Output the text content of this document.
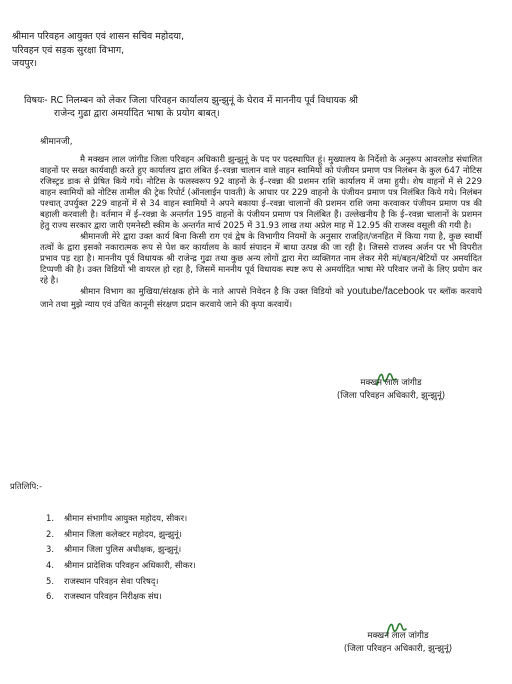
श्रीमान परिवहन आयुक्त एवं शासन सचिव महोदया,
परिवहन एवं सड़क सुरक्षा विभाग,
जयपुर।
विषयः- RC निलम्बन को लेकर जिला परिवहन कार्यालय झुन्झुनूं के घेराव में माननीय पूर्व विधायक श्री
राजेन्द गुढा द्वारा अमर्यादित भाषा के प्रयोग बाबत्।
श्रीमानजी,

मै मक्खन लाल जांगीड जिला परिवहन अधिकारी झुन्झुनूं के पद पर पदस्थापित हूं। मुख्यालय के निर्देशो के अनुरूप आवरलोड संधालित वाहनों पर सख्त कार्यवाही करते हुए कार्यालय द्वारा लंबित ई–रवन्ना चालान वाले वाहन स्वामियों को पंजीयन प्रमाण पत्र निलंबन के कुल 647 नोटिस रजिस्ट्रड डाक से प्रेषित किये गये। नोटिस के फलस्वरूप 92 वाहनों के ई–रवन्ना की प्रशमन राशि कार्यालय में जमा हुयी। शेष वाहनों में से 229 वाहन स्वामियों को नोटिस तामील की ट्रेक रिपोर्ट (ऑनलाईन पावती) के आधार पर 229 वाहनो के पंजीयन प्रमाण पत्र निलंबित किये गये। निलंबन पश्चात् उपर्युक्त 229 वाहनों में से 34 वाहन स्वामियों ने अपने बकाया ई–रवन्ना चालानों की प्रशमन राशि जमा करवाकर पंजीयन प्रमाण पत्र की बहाली करवाली है। वर्तमान में ई–रवन्ना के अन्तर्गत 195 वाहनों के पंजीयन प्रमाण पत्र निलंबित हैं। उल्लेखनीय है कि ई–रवन्ना चालानों के प्रशमन हेतु राज्य सरकार द्वारा जारी एमनेस्टी स्कीम के अन्तर्गत मार्च 2025 में 31.93 लाख तथा अप्रेल माह में 12.95 की राजस्व वसूली की गयी है।

श्रीमानजी मेरे द्वारा उक्त कार्य बिना किसी राग एवं द्वेष के विभागीय नियमों के अनुसार राजहित/जनहित में किया गया है, कुछ स्वार्थी तत्वों के द्वारा इसको नकारात्मक रूप से पेश कर कार्यालय के कार्य संपादन में बाधा उत्पन्न की जा रही है। जिससे राजस्व अर्जन पर भी विपरीत प्रभाव पड़ रहा है। माननीय पूर्व विधायक श्री राजेन्द्र गुढा तथा कुछ अन्य लोगों द्वारा मेरा व्यक्तिगत नाम लेकर मेरी मां/बहन/बेटियों पर अमर्यादित टिप्पणी की है। उक्त विडियों भी वायरल हो रहा है, जिसमें माननीय पूर्व विधायक स्पष्ट रूप से अमर्यादित भाषा मेरे परिवार जनों के लिए प्रयोग कर रहे है।

श्रीमान विभाग का मुखिया/संरक्षक होने के नाते आपसे निवेदन है कि उक्त विडियो को youtube/facebook पर ब्लॉक करवाये जाने तथा मुझे न्याय एवं उचित कानूनी संरक्षण प्रदान करवाये जाने की कृपा करवायें।

मक्खन लाल जांगीड
(जिला परिवहन अधिकारी, झुन्झुनूं)
प्रतिलिपि:-
1.	श्रीमान संभागीय आयुक्त महोदय, सीकर।
2.	श्रीमान जिला कलेक्टर महोदय, झुन्झुनूं।
3.	श्रीमान जिला पुलिस अधीक्षक, झुन्झुनूं।
4.	श्रीमान प्रादेशिक परिवहन अधिकारी, सीकर।
5.	राजस्थान परिवहन सेवा परिषद्।
6.	राजस्थान परिवहन निरीक्षक संघ।
मक्खन लाल जांगीड
(जिला परिवहन अधिकारी, झुन्झुनूं)
